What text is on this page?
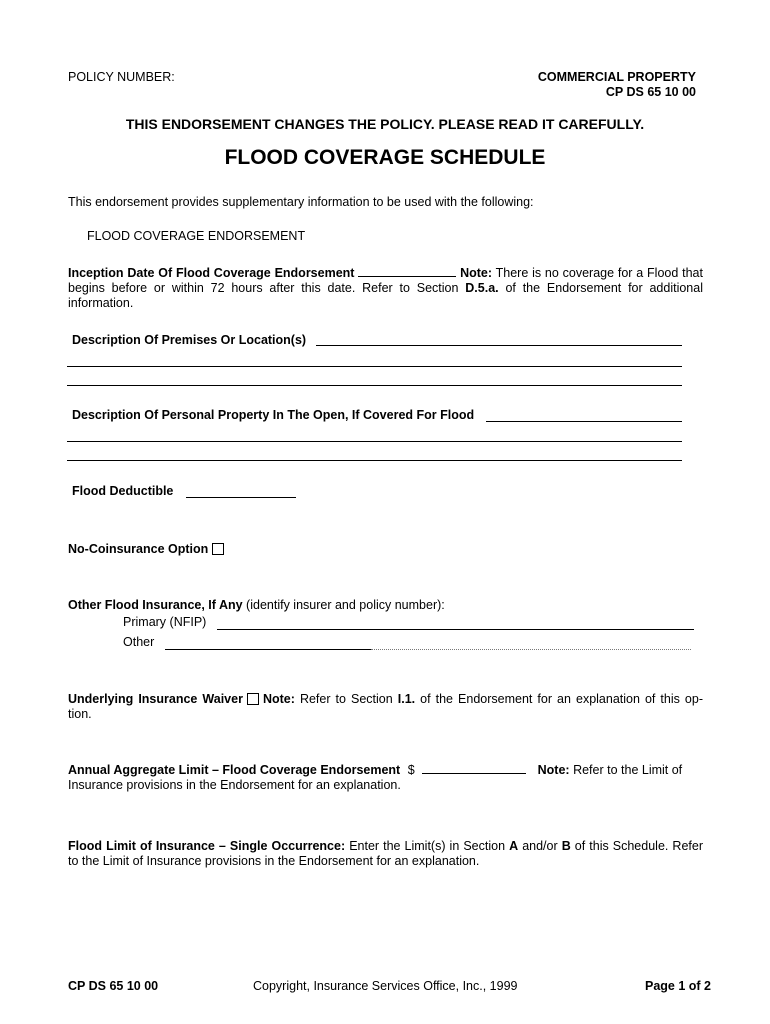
POLICY NUMBER:	COMMERCIAL PROPERTY
CP DS 65 10 00
THIS ENDORSEMENT CHANGES THE POLICY. PLEASE READ IT CAREFULLY.
FLOOD COVERAGE SCHEDULE
This endorsement provides supplementary information to be used with the following:
FLOOD COVERAGE ENDORSEMENT
Inception Date Of Flood Coverage Endorsement	Note: There is no coverage for a Flood that
begins before or within 72 hours after this date. Refer to Section D.5.a. of the Endorsement for additional
information.
Description Of Premises Or Location(s)
Description Of Personal Property In The Open, If Covered For Flood
Flood Deductible
No-Coinsurance Option
Other Flood Insurance, If Any (identify insurer and policy number):
Primary (NFIP)
Other
Underlying Insurance Waiver Note: Refer to Section I.1. of the Endorsement for an explanation of this op-
tion.
Annual Aggregate Limit – Flood Coverage Endorsement $	Note: Refer to the Limit of
Insurance provisions in the Endorsement for an explanation.
Flood Limit of Insurance – Single Occurrence: Enter the Limit(s) in Section A and/or B of this Schedule. Refer
to the Limit of Insurance provisions in the Endorsement for an explanation.
CP DS 65 10 00	Copyright, Insurance Services Office, Inc., 1999	Page 1 of 2
